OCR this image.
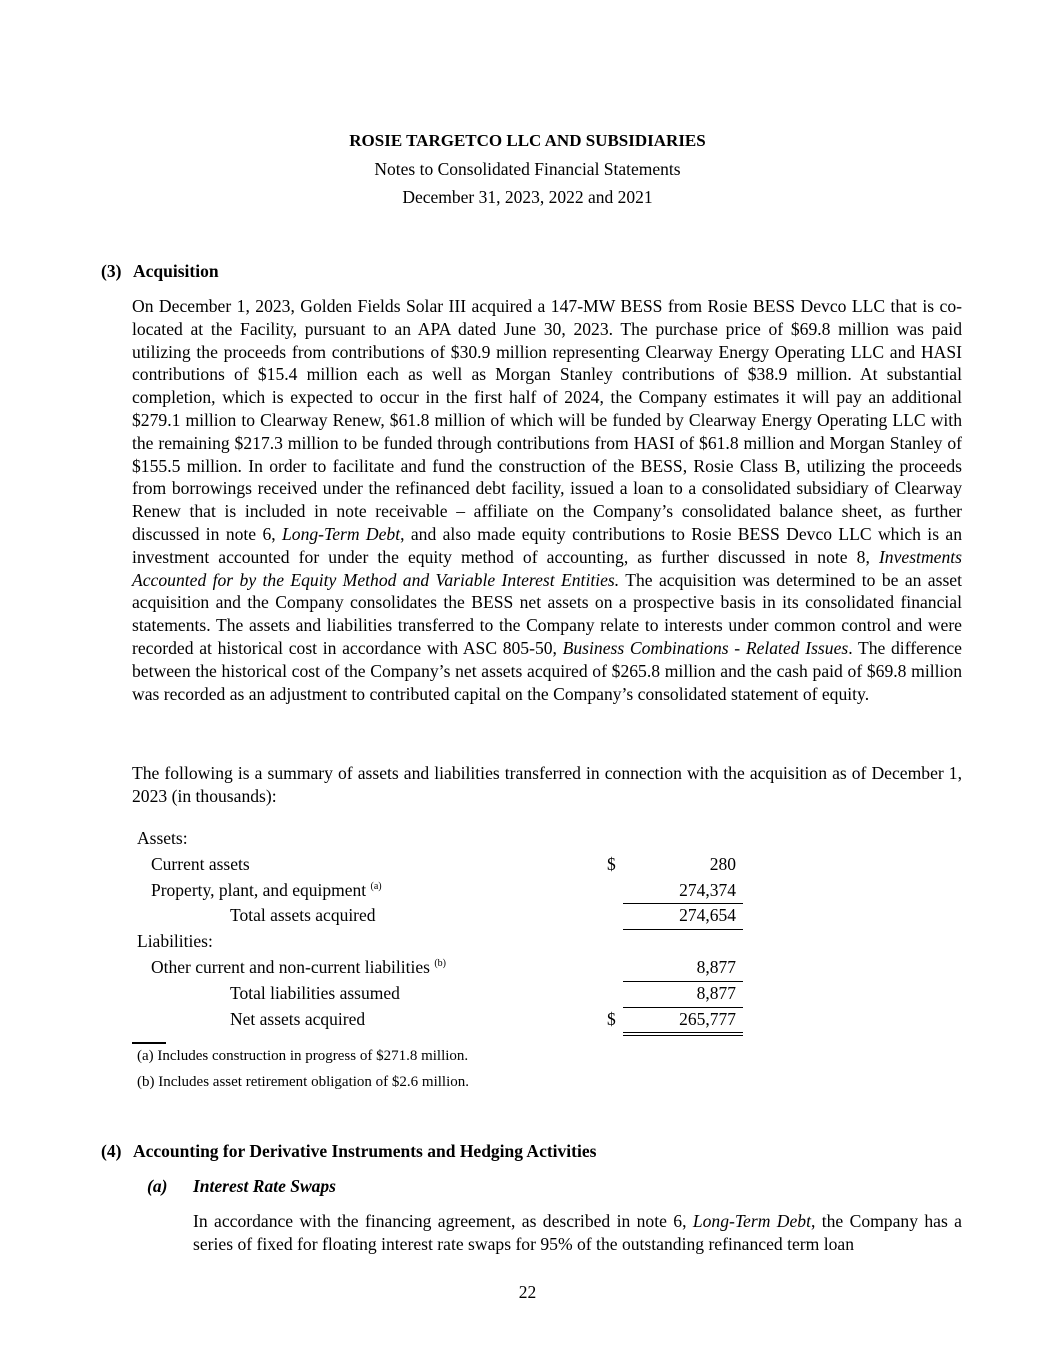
ROSIE TARGETCO LLC AND SUBSIDIARIES
Notes to Consolidated Financial Statements
December 31, 2023, 2022 and 2021
(3) Acquisition
On December 1, 2023, Golden Fields Solar III acquired a 147-MW BESS from Rosie BESS Devco LLC that is co-located at the Facility, pursuant to an APA dated June 30, 2023. The purchase price of $69.8 million was paid utilizing the proceeds from contributions of $30.9 million representing Clearway Energy Operating LLC and HASI contributions of $15.4 million each as well as Morgan Stanley contributions of $38.9 million. At substantial completion, which is expected to occur in the first half of 2024, the Company estimates it will pay an additional $279.1 million to Clearway Renew, $61.8 million of which will be funded by Clearway Energy Operating LLC with the remaining $217.3 million to be funded through contributions from HASI of $61.8 million and Morgan Stanley of $155.5 million. In order to facilitate and fund the construction of the BESS, Rosie Class B, utilizing the proceeds from borrowings received under the refinanced debt facility, issued a loan to a consolidated subsidiary of Clearway Renew that is included in note receivable – affiliate on the Company’s consolidated balance sheet, as further discussed in note 6, Long-Term Debt, and also made equity contributions to Rosie BESS Devco LLC which is an investment accounted for under the equity method of accounting, as further discussed in note 8, Investments Accounted for by the Equity Method and Variable Interest Entities. The acquisition was determined to be an asset acquisition and the Company consolidates the BESS net assets on a prospective basis in its consolidated financial statements. The assets and liabilities transferred to the Company relate to interests under common control and were recorded at historical cost in accordance with ASC 805-50, Business Combinations - Related Issues. The difference between the historical cost of the Company’s net assets acquired of $265.8 million and the cash paid of $69.8 million was recorded as an adjustment to contributed capital on the Company’s consolidated statement of equity.
The following is a summary of assets and liabilities transferred in connection with the acquisition as of December 1, 2023 (in thousands):
Assets:
Current assets	$	280
Property, plant, and equipment $^{(a)}$	274,374
Total assets acquired	274,654
Liabilities:
Other current and non-current liabilities $^{(b)}$	8,877
Total liabilities assumed	8,877
Net assets acquired	$	265,777
(a) Includes construction in progress of $271.8 million.
(b) Includes asset retirement obligation of $2.6 million.
(4) Accounting for Derivative Instruments and Hedging Activities
(a) Interest Rate Swaps
In accordance with the financing agreement, as described in note 6, Long-Term Debt, the Company has a series of fixed for floating interest rate swaps for 95% of the outstanding refinanced term loan
22
